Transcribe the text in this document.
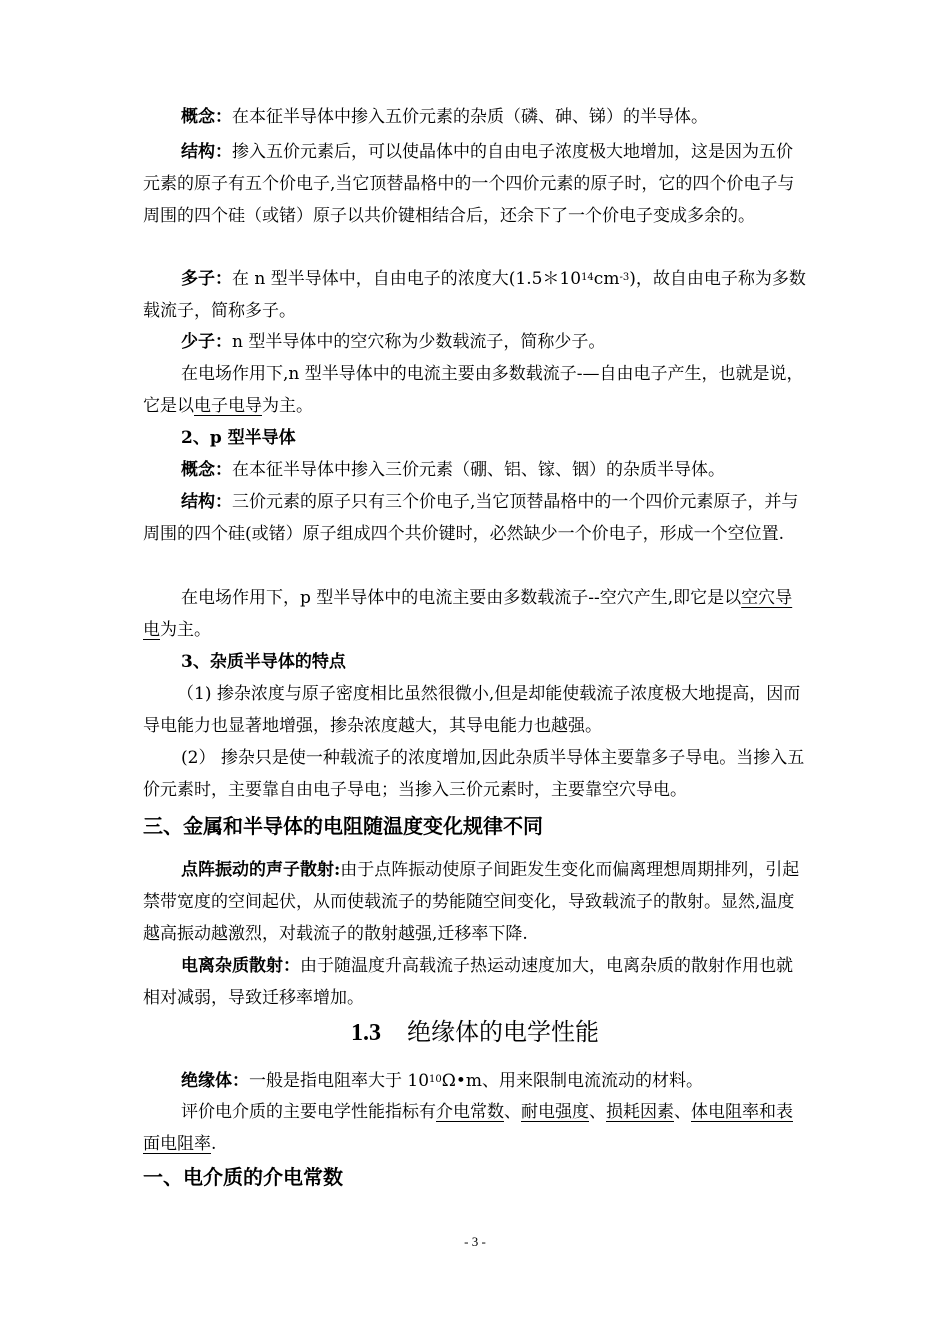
概念：在本征半导体中掺入五价元素的杂质（磷、砷、锑）的半导体。
结构：掺入五价元素后，可以使晶体中的自由电子浓度极大地增加，这是因为五价元素的原子有五个价电子,当它顶替晶格中的一个四价元素的原子时，它的四个价电子与周围的四个硅（或锗）原子以共价键相结合后，还余下了一个价电子变成多余的。
多子：在 n 型半导体中，自由电子的浓度大$(1.5*10^{14}cm^{-3})$，故自由电子称为多数载流子，简称多子。
少子：n 型半导体中的空穴称为少数载流子，简称少子。
在电场作用下,n 型半导体中的电流主要由多数载流子-—自由电子产生，也就是说，它是以电子电导为主。
2、p 型半导体
概念：在本征半导体中掺入三价元素（硼、铝、镓、铟）的杂质半导体。
结构：三价元素的原子只有三个价电子,当它顶替晶格中的一个四价元素原子，并与周围的四个硅(或锗）原子组成四个共价键时，必然缺少一个价电子，形成一个空位置.
在电场作用下，p 型半导体中的电流主要由多数载流子--空穴产生,即它是以空穴导电为主。
3、杂质半导体的特点
（1) 掺杂浓度与原子密度相比虽然很微小,但是却能使载流子浓度极大地提高，因而导电能力也显著地增强，掺杂浓度越大，其导电能力也越强。
(2） 掺杂只是使一种载流子的浓度增加,因此杂质半导体主要靠多子导电。当掺入五价元素时，主要靠自由电子导电；当掺入三价元素时，主要靠空穴导电。
三、金属和半导体的电阻随温度变化规律不同
点阵振动的声子散射:由于点阵振动使原子间距发生变化而偏离理想周期排列，引起禁带宽度的空间起伏，从而使载流子的势能随空间变化，导致载流子的散射。显然,温度越高振动越激烈，对载流子的散射越强,迁移率下降.
电离杂质散射：由于随温度升高载流子热运动速度加大，电离杂质的散射作用也就相对减弱，导致迁移率增加。
1.3 绝缘体的电学性能
绝缘体：一般是指电阻率大于 $10^{10}\Omega•m$、用来限制电流流动的材料。
评价电介质的主要电学性能指标有介电常数、耐电强度、损耗因素、体电阻率和表面电阻率.
一、电介质的介电常数
- 3 -
